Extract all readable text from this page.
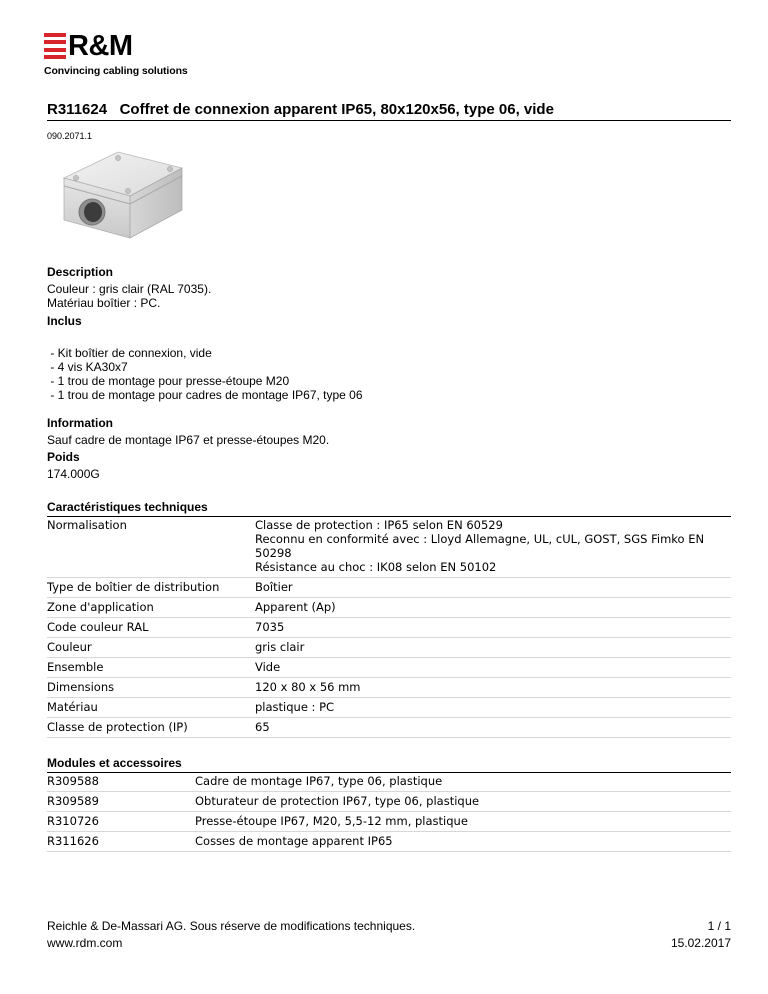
R&M
Convincing cabling solutions
R311624 Coffret de connexion apparent IP65, 80x120x56, type 06, vide
090.2071.1
Description
Couleur : gris clair (RAL 7035).
Matériau boîtier : PC.
Inclus
- Kit boîtier de connexion, vide
- 4 vis KA30x7
- 1 trou de montage pour presse-étoupe M20
- 1 trou de montage pour cadres de montage IP67, type 06
Information
Sauf cadre de montage IP67 et presse-étoupes M20.
Poids
174.000G
Caractéristiques techniques
Normalisation	Classe de protection : IP65 selon EN 60529
Reconnu en conformité avec : Lloyd Allemagne, UL, cUL, GOST, SGS Fimko EN
50298
Résistance au choc : IK08 selon EN 50102

Type de boîtier de distribution	Boîtier

Zone d'application	Apparent (Ap)

Code couleur RAL	7035

Couleur	gris clair

Ensemble	Vide

Dimensions	120 x 80 x 56 mm

Matériau	plastique : PC

Classe de protection (IP)	65
Modules et accessoires
R309588	Cadre de montage IP67, type 06, plastique
R309589	Obturateur de protection IP67, type 06, plastique
R310726	Presse-étoupe IP67, M20, 5,5-12 mm, plastique
R311626	Cosses de montage apparent IP65
Reichle & De-Massari AG. Sous réserve de modifications techniques.
www.rdm.com
1 / 1
15.02.2017
